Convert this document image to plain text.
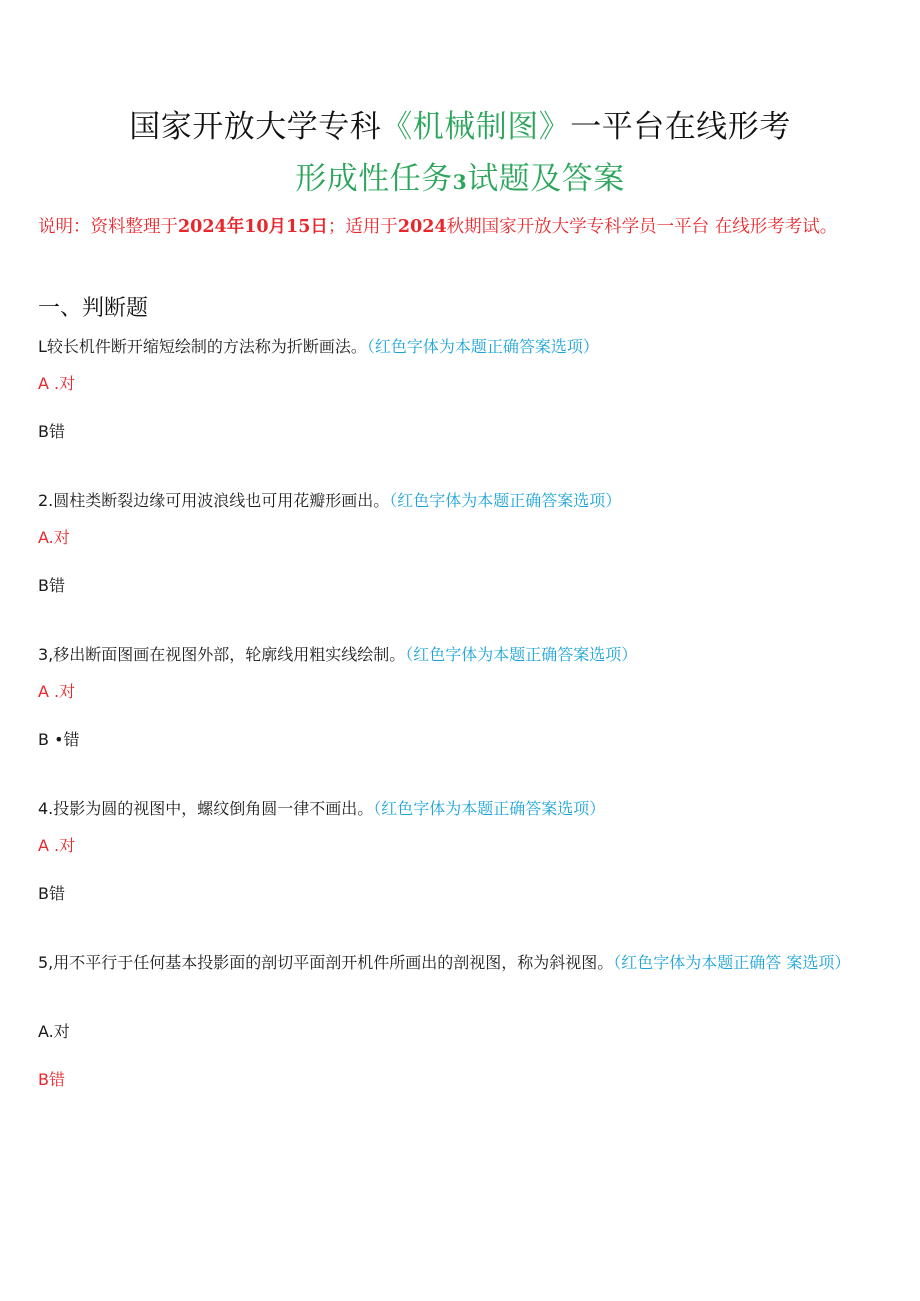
国家开放大学专科《机械制图》一平台在线形考
形成性任务3试题及答案
说明：资料整理于2024年10月15日；适用于2024秋期国家开放大学专科学员一平台 在线形考考试。
一、判断题
L较长机件断开缩短绘制的方法称为折断画法。（红色字体为本题正确答案选项）
A .对
B错
2.圆柱类断裂边缘可用波浪线也可用花瓣形画出。（红色字体为本题正确答案选项）
A.对
B错
3,移出断面图画在视图外部，轮廓线用粗实线绘制。（红色字体为本题正确答案选项）
A .对
B •错
4.投影为圆的视图中，螺纹倒角圆一律不画出。（红色字体为本题正确答案选项）
A .对
B错
5,用不平行于任何基本投影面的剖切平面剖开机件所画出的剖视图，称为斜视图。（红色字体为本题正确答 案选项）
A.对
B错
